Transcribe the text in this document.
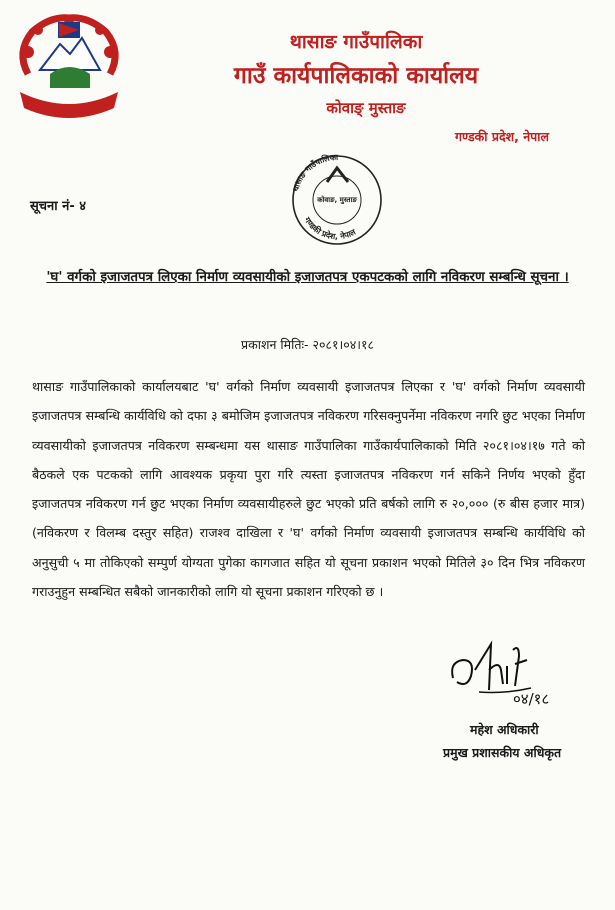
थासाङ गाउँपालिका
गाउँ कार्यपालिकाको कार्यालय
कोवाङ् मुस्ताङ
गण्डकी प्रदेश, नेपाल
थासाङ गाउँपालिका
कोवाङ, मुस्ताङ
गण्डकी प्रदेश, नेपाल
सूचना नं- ४
'घ' वर्गको इजाजतपत्र लिएका निर्माण व्यवसायीको इजाजतपत्र एकपटकको लागि नविकरण सम्बन्धि सूचना ।
प्रकाशन मितिः- २०८१।०४।१८
थासाङ गाउँपालिकाको कार्यालयबाट 'घ' वर्गको निर्माण व्यवसायी इजाजतपत्र लिएका र 'घ' वर्गको निर्माण व्यवसायी इजाजतपत्र सम्बन्धि कार्यविधि को दफा ३ बमोजिम इजाजतपत्र नविकरण गरिसक्नुपर्नेमा नविकरण नगरि छुट भएका निर्माण व्यवसायीको इजाजतपत्र नविकरण सम्बन्धमा यस थासाङ गाउँपालिका गाउँकार्यपालिकाको मिति २०८१।०४।१७ गते को बैठकले एक पटकको लागि आवश्यक प्रकृया पुरा गरि त्यस्ता इजाजतपत्र नविकरण गर्न सकिने निर्णय भएको हुँदा इजाजतपत्र नविकरण गर्न छुट भएका निर्माण व्यवसायीहरुले छुट भएको प्रति बर्षको लागि रु २०,००० (रु बीस हजार मात्र) (नविकरण र विलम्ब दस्तुर सहित) राजश्व दाखिला र 'घ' वर्गको निर्माण व्यवसायी इजाजतपत्र सम्बन्धि कार्यविधि को अनुसुची ५ मा तोकिएको सम्पुर्ण योग्यता पुगेका कागजात सहित यो सूचना प्रकाशन भएको मितिले ३० दिन भित्र नविकरण गराउनुहुन सम्बन्धित सबैको जानकारीको लागि यो सूचना प्रकाशन गरिएको छ ।
०४/१८
महेश अधिकारी
प्रमुख प्रशासकीय अधिकृत
